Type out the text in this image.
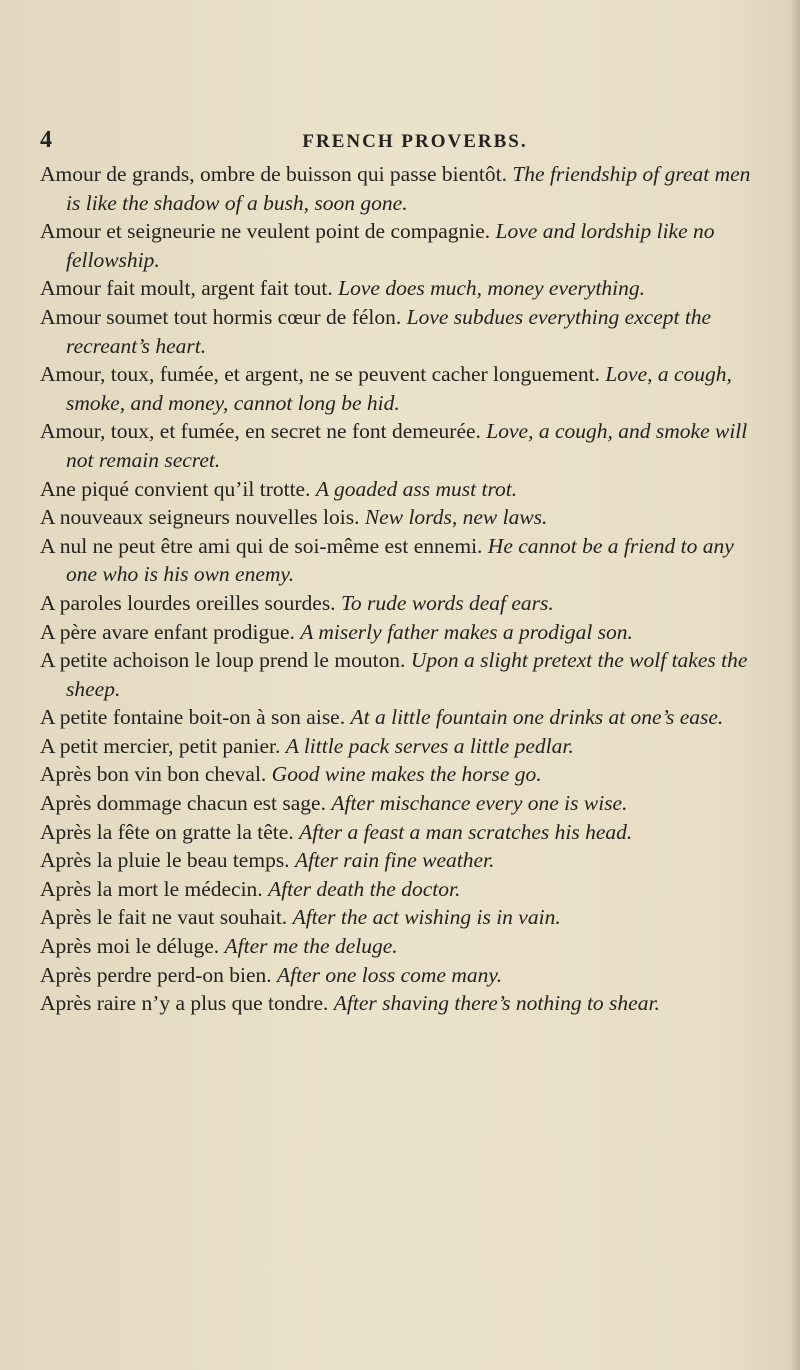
4	FRENCH PROVERBS.

Amour de grands, ombre de buisson qui passe bientôt. The friendship of great men is like the shadow of a bush, soon gone.

Amour et seigneurie ne veulent point de compagnie. Love and lordship like no fellowship.

Amour fait moult, argent fait tout. Love does much, money everything.

Amour soumet tout hormis cœur de félon. Love subdues everything except the recreant’s heart.

Amour, toux, fumée, et argent, ne se peuvent cacher longuement. Love, a cough, smoke, and money, cannot long be hid.

Amour, toux, et fumée, en secret ne font demeurée. Love, a cough, and smoke will not remain secret.

Ane piqué convient qu’il trotte. A goaded ass must trot.

A nouveaux seigneurs nouvelles lois. New lords, new laws.

A nul ne peut être ami qui de soi-même est ennemi. He cannot be a friend to any one who is his own enemy.

A paroles lourdes oreilles sourdes. To rude words deaf ears.

A père avare enfant prodigue. A miserly father makes a prodigal son.

A petite achoison le loup prend le mouton. Upon a slight pretext the wolf takes the sheep.

A petite fontaine boit-on à son aise. At a little fountain one drinks at one’s ease.

A petit mercier, petit panier. A little pack serves a little pedlar.

Après bon vin bon cheval. Good wine makes the horse go.

Après dommage chacun est sage. After mischance every one is wise.

Après la fête on gratte la tête. After a feast a man scratches his head.

Après la pluie le beau temps. After rain fine weather.

Après la mort le médecin. After death the doctor.

Après le fait ne vaut souhait. After the act wishing is in vain.

Après moi le déluge. After me the deluge.

Après perdre perd-on bien. After one loss come many.

Après raire n’y a plus que tondre. After shaving there’s nothing to shear.
